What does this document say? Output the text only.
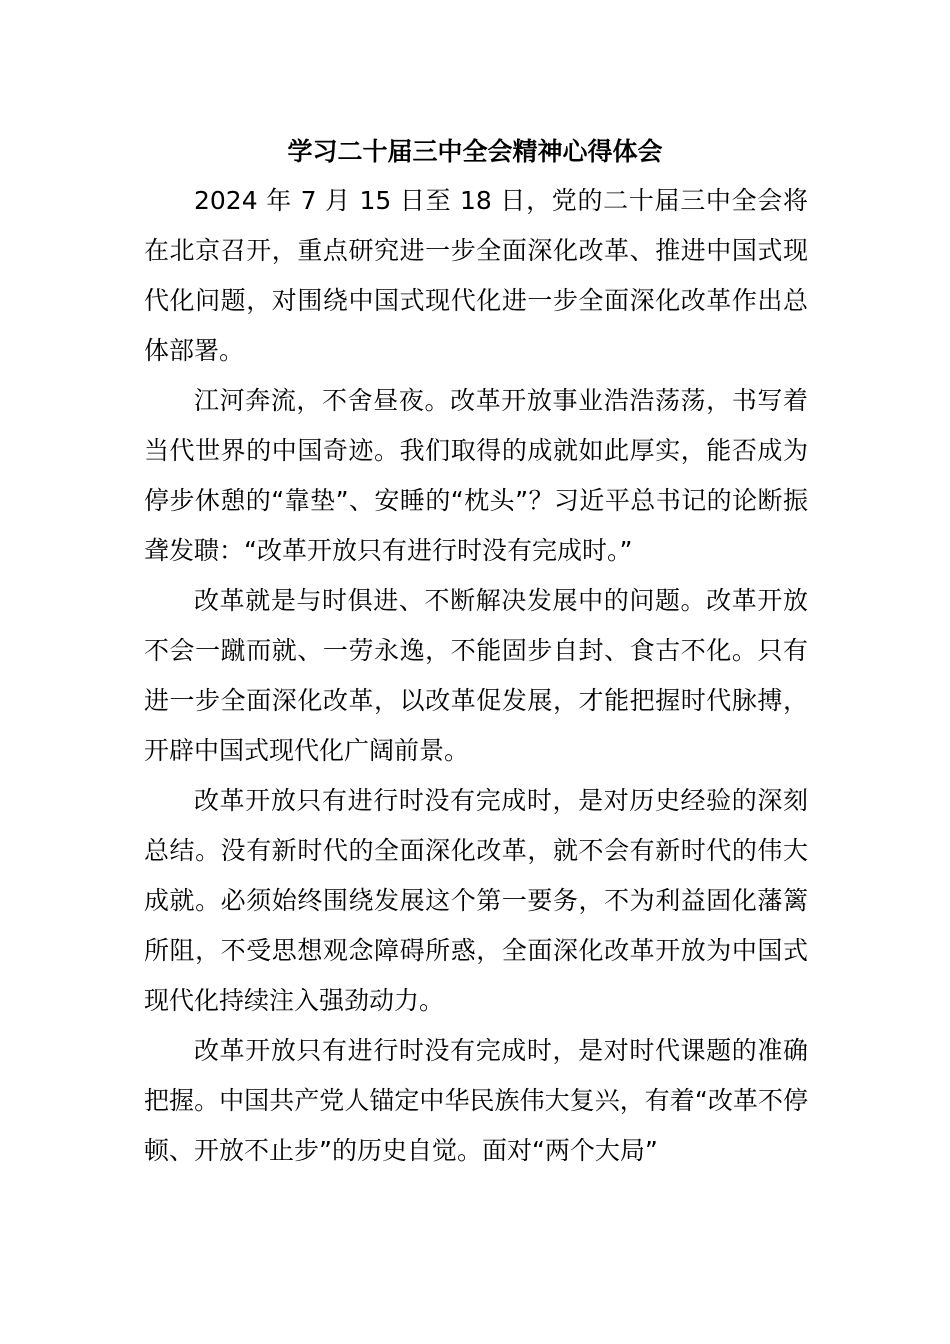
学习二十届三中全会精神心得体会

2024 年 7 月 15 日至 18 日，党的二十届三中全会将在北京召开，重点研究进一步全面深化改革、推进中国式现代化问题，对围绕中国式现代化进一步全面深化改革作出总体部署。

江河奔流，不舍昼夜。改革开放事业浩浩荡荡，书写着当代世界的中国奇迹。我们取得的成就如此厚实，能否成为停步休憩的“靠垫”、安睡的“枕头”？习近平总书记的论断振聋发聩：“改革开放只有进行时没有完成时。”

改革就是与时俱进、不断解决发展中的问题。改革开放不会一蹴而就、一劳永逸，不能固步自封、食古不化。只有进一步全面深化改革，以改革促发展，才能把握时代脉搏，开辟中国式现代化广阔前景。

改革开放只有进行时没有完成时，是对历史经验的深刻总结。没有新时代的全面深化改革，就不会有新时代的伟大成就。必须始终围绕发展这个第一要务，不为利益固化藩篱所阻，不受思想观念障碍所惑，全面深化改革开放为中国式现代化持续注入强劲动力。

改革开放只有进行时没有完成时，是对时代课题的准确把握。中国共产党人锚定中华民族伟大复兴，有着“改革不停顿、开放不止步”的历史自觉。面对“两个大局”
